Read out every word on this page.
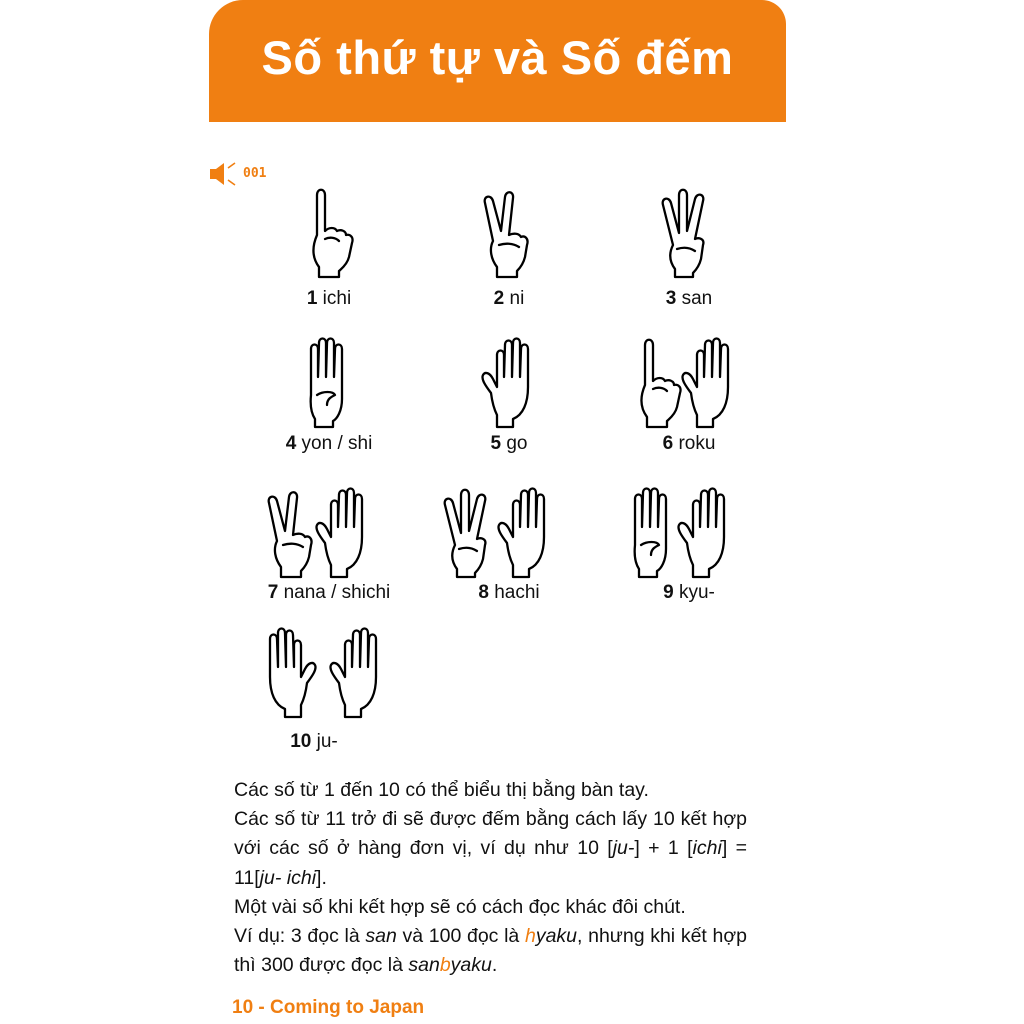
Số thứ tự và Số đếm
001
1 ichi	2 ni	3 san
4 yon / shi	5 go	6 roku
7 nana / shichi	8 hachi	9 kyu-
10 ju-

Các số từ 1 đến 10 có thể biểu thị bằng bàn tay.

Các số từ 11 trở đi sẽ được đếm bằng cách lấy 10 kết hợp với các số ở hàng đơn vị, ví dụ như 10 [ju-] + 1 [ichi] = 11[ju- ichi].

Một vài số khi kết hợp sẽ có cách đọc khác đôi chút.

Ví dụ: 3 đọc là san và 100 đọc là hyaku, nhưng khi kết hợp thì 300 được đọc là sanbyaku.

10 - Coming to Japan
